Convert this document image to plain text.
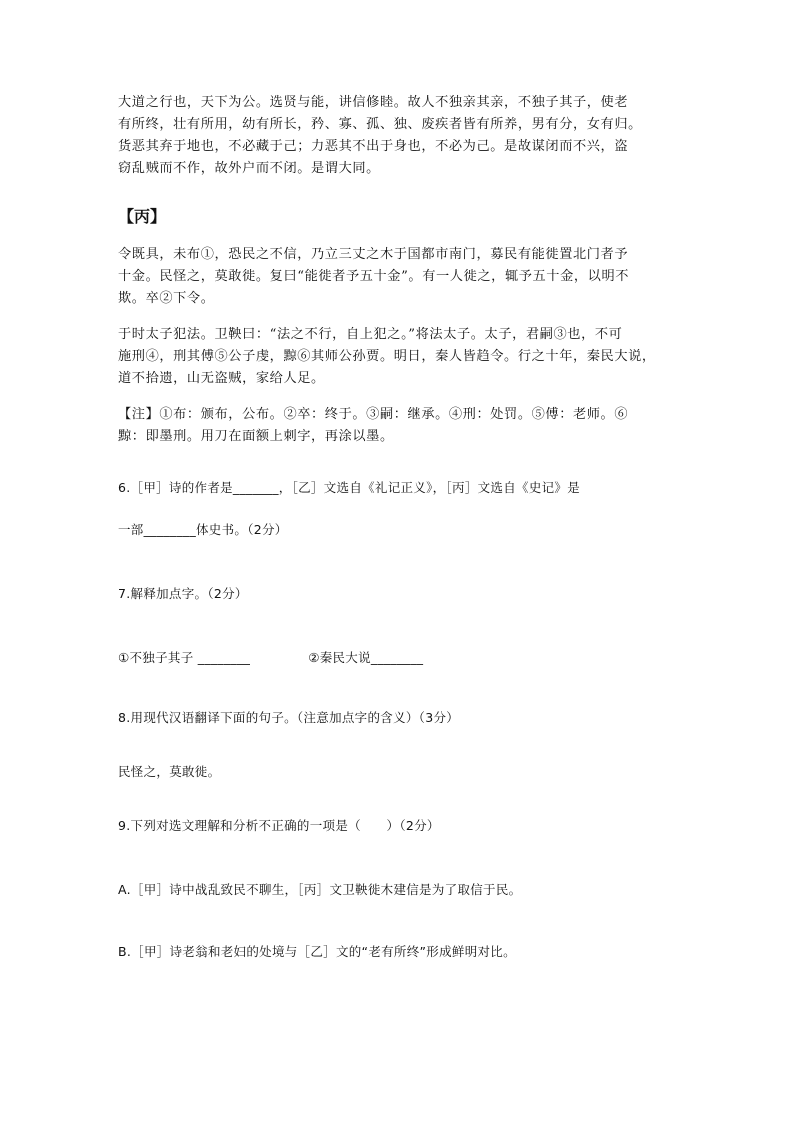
大道之行也，天下为公。选贤与能，讲信修睦。故人不独亲其亲，不独子其子，使老
有所终，壮有所用，幼有所长，矜、寡、孤、独、废疾者皆有所养，男有分，女有归。
货恶其弃于地也，不必藏于己；力恶其不出于身也，不必为己。是故谋闭而不兴，盗
窃乱贼而不作，故外户而不闭。是谓大同。
【丙】
令既具，未布①，恐民之不信，乃立三丈之木于国都市南门，募民有能徙置北门者予
十金。民怪之，莫敢徙。复曰“能徙者予五十金”。有一人徙之，辄予五十金，以明不
欺。卒②下令。
于时太子犯法。卫鞅曰：“法之不行，自上犯之。”将法太子。太子，君嗣③也，不可
施刑④，刑其傅⑤公子虔，黥⑥其师公孙贾。明日，秦人皆趋令。行之十年，秦民大说，
道不拾遗，山无盗贼，家给人足。
【注】①布：颁布，公布。②卒：终于。③嗣：继承。④刑：处罚。⑤傅：老师。⑥
黥：即墨刑。用刀在面额上刺字，再涂以墨。

6.［甲］诗的作者是_______，［乙］文选自《礼记正义》，［丙］文选自《史记》是

一部________体史书。（2分）

7.解释加点字。（2分）

①不独子其子 ________	②秦民大说________

8.用现代汉语翻译下面的句子。（注意加点字的含义）（3分）

民怪之，莫敢徙。

9.下列对选文理解和分析不正确的一项是（　　）（2分）

A.［甲］诗中战乱致民不聊生，［丙］文卫鞅徙木建信是为了取信于民。

B.［甲］诗老翁和老妇的处境与［乙］文的“老有所终”形成鲜明对比。
